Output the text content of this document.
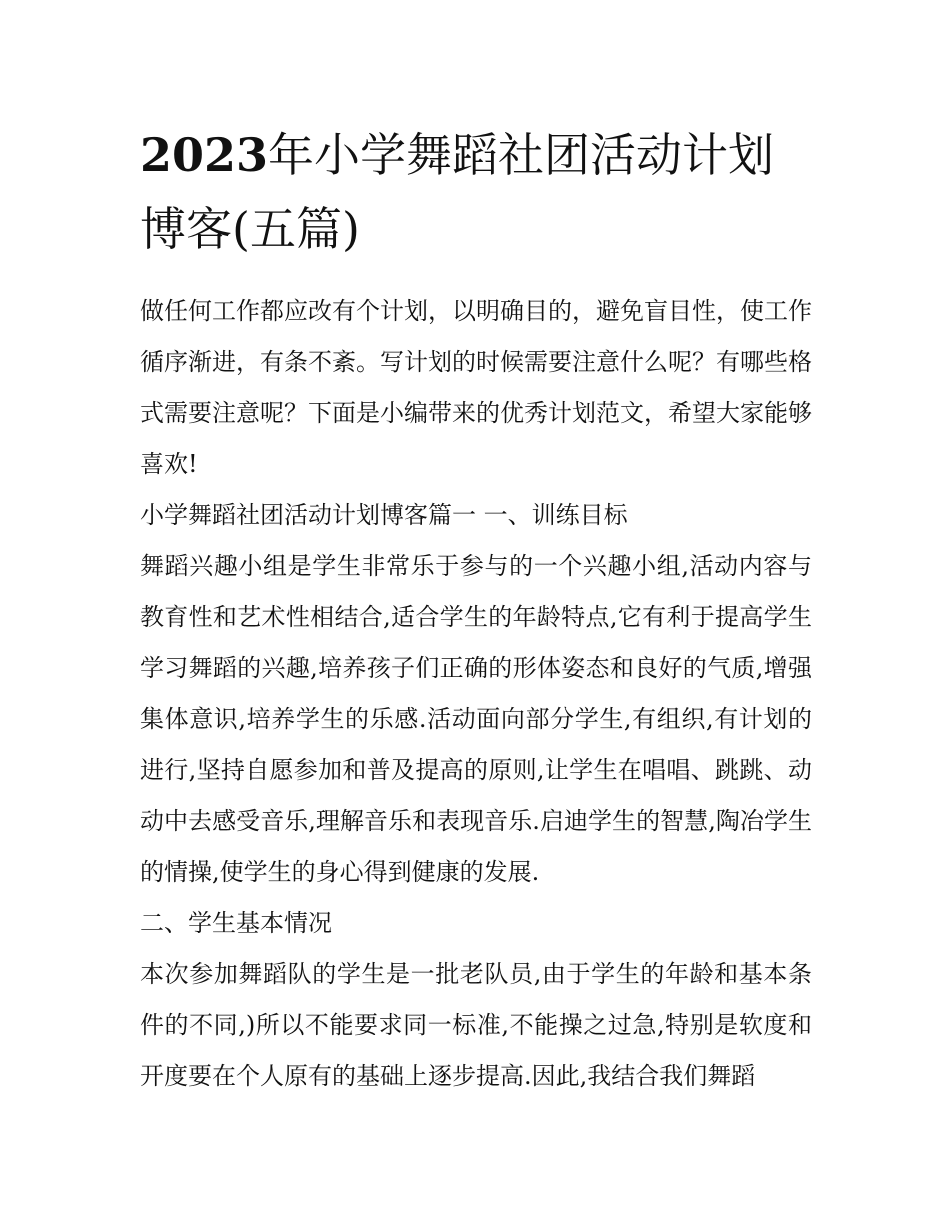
2023年小学舞蹈社团活动计划博客(五篇)

做任何工作都应改有个计划，以明确目的，避免盲目性，使工作循序渐进，有条不紊。写计划的时候需要注意什么呢？有哪些格式需要注意呢？下面是小编带来的优秀计划范文，希望大家能够喜欢!

小学舞蹈社团活动计划博客篇一 一、训练目标

舞蹈兴趣小组是学生非常乐于参与的一个兴趣小组,活动内容与教育性和艺术性相结合,适合学生的年龄特点,它有利于提高学生学习舞蹈的兴趣,培养孩子们正确的形体姿态和良好的气质,增强集体意识,培养学生的乐感.活动面向部分学生,有组织,有计划的进行,坚持自愿参加和普及提高的原则,让学生在唱唱、跳跳、动动中去感受音乐,理解音乐和表现音乐.启迪学生的智慧,陶冶学生的情操,使学生的身心得到健康的发展.

二、学生基本情况

本次参加舞蹈队的学生是一批老队员,由于学生的年龄和基本条件的不同,)所以不能要求同一标准,不能操之过急,特别是软度和开度要在个人原有的基础上逐步提高.因此,我结合我们舞蹈
